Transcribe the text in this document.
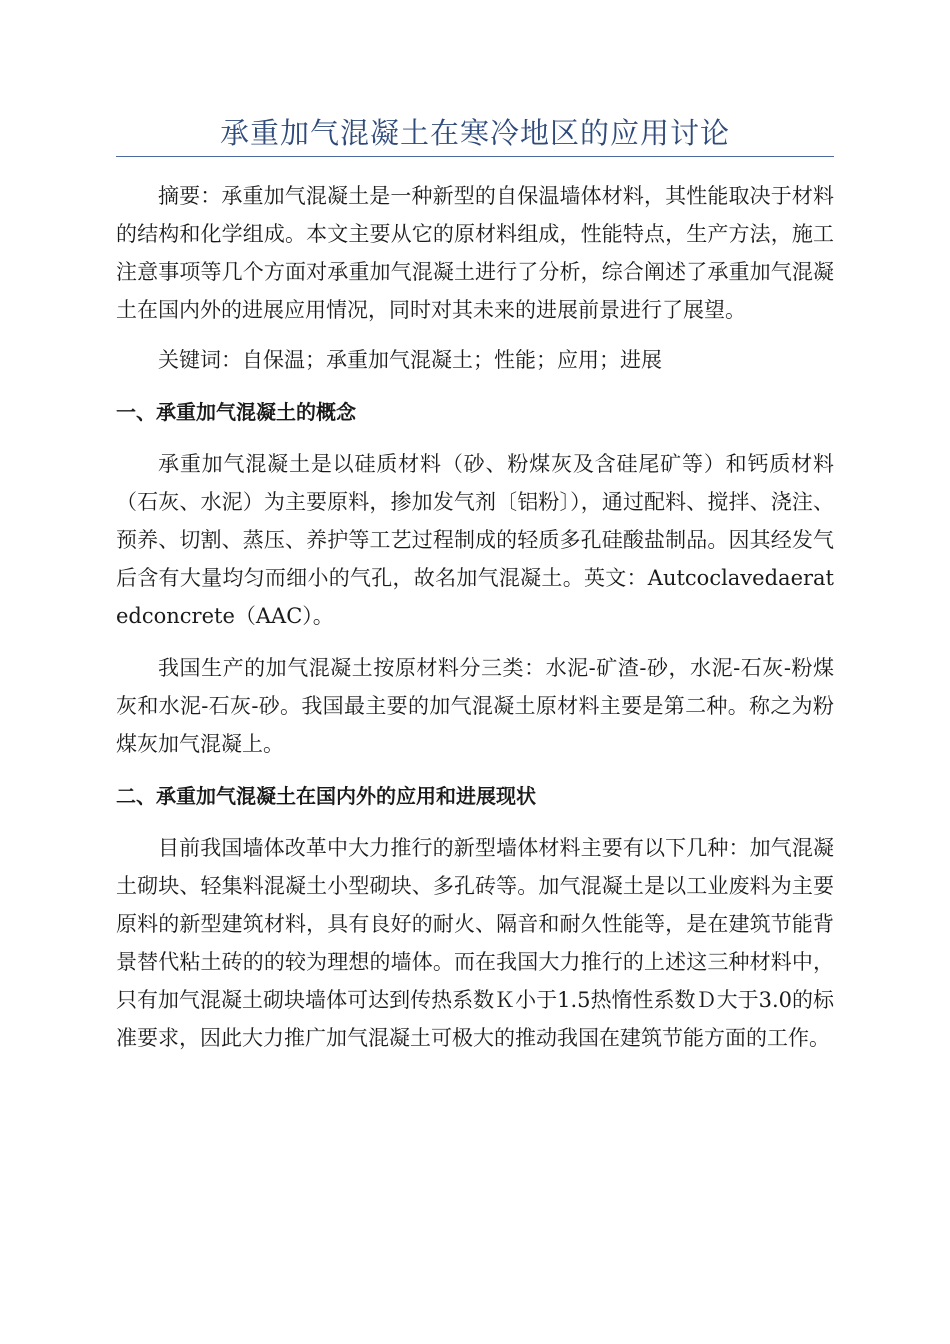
承重加气混凝土在寒冷地区的应用讨论

摘要：承重加气混凝土是一种新型的自保温墙体材料，其性能取决于材料的结构和化学组成。本文主要从它的原材料组成，性能特点，生产方法，施工注意事项等几个方面对承重加气混凝土进行了分析，综合阐述了承重加气混凝土在国内外的进展应用情况，同时对其未来的进展前景进行了展望。

关键词：自保温；承重加气混凝土；性能；应用；进展

一、承重加气混凝土的概念

承重加气混凝土是以硅质材料（砂、粉煤灰及含硅尾矿等）和钙质材料（石灰、水泥）为主要原料，掺加发气剂〔铝粉〕），通过配料、搅拌、浇注、预养、切割、蒸压、养护等工艺过程制成的轻质多孔硅酸盐制品。因其经发气后含有大量均匀而细小的气孔，故名加气混凝土。英文：Autcoclavedaeratedconcrete（AAC）。

我国生产的加气混凝土按原材料分三类：水泥-矿渣-砂，水泥-石灰-粉煤灰和水泥-石灰-砂。我国最主要的加气混凝土原材料主要是第二种。称之为粉煤灰加气混凝上。

二、承重加气混凝土在国内外的应用和进展现状

目前我国墙体改革中大力推行的新型墙体材料主要有以下几种：加气混凝土砌块、轻集料混凝土小型砌块、多孔砖等。加气混凝土是以工业废料为主要原料的新型建筑材料，具有良好的耐火、隔音和耐久性能等，是在建筑节能背景替代粘土砖的的较为理想的墙体。而在我国大力推行的上述这三种材料中，只有加气混凝土砌块墙体可达到传热系数Ｋ小于1.5热惰性系数Ｄ大于3.0的标准要求，因此大力推广加气混凝土可极大的推动我国在建筑节能方面的工作。
